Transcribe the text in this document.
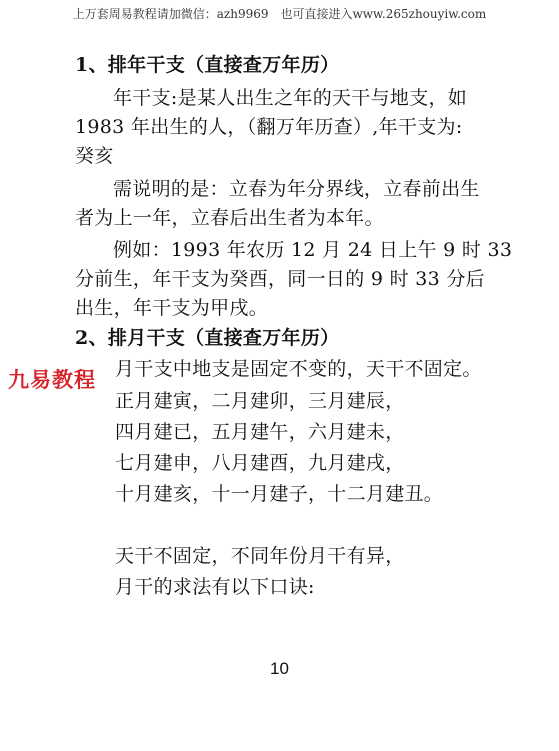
上万套周易教程请加微信：azh9969　也可直接进入www.265zhouyiw.com
1、排年干支（直接查万年历）
年干支:是某人出生之年的天干与地支，如
1983 年出生的人，（翻万年历查）,年干支为:
癸亥
需说明的是：立春为年分界线，立春前出生
者为上一年，立春后出生者为本年。
例如：1993 年农历 12 月 24 日上午 9 时 33
分前生，年干支为癸酉，同一日的 9 时 33 分后
出生，年干支为甲戌。
2、排月干支（直接查万年历）
月干支中地支是固定不变的，天干不固定。
正月建寅，二月建卯，三月建辰，
四月建已，五月建午，六月建未，
七月建申，八月建酉，九月建戌，
十月建亥，十一月建子，十二月建丑。
天干不固定，不同年份月干有异，
月干的求法有以下口诀:
九易教程
10
